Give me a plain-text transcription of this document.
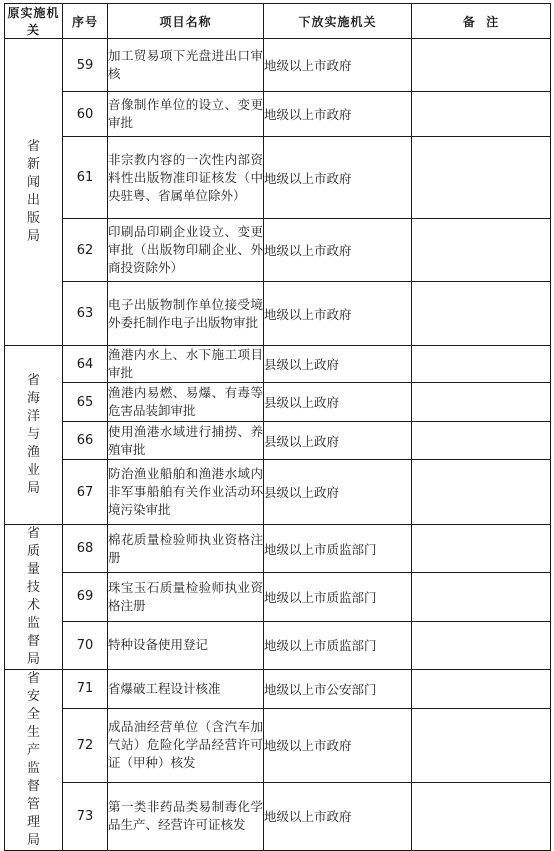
原实施机关	序号	项目名称	下放实施机关	备  注
省新闻出版局	59	加工贸易项下光盘进出口审核	地级以上市政府	
	60	音像制作单位的设立、变更审批	地级以上市政府	
	61	非宗教内容的一次性内部资料性出版物准印证核发（中央驻粤、省属单位除外）	地级以上市政府	
	62	印刷品印刷企业设立、变更审批（出版物印刷企业、外商投资除外）	地级以上市政府	
	63	电子出版物制作单位接受境外委托制作电子出版物审批	地级以上市政府	
省海洋与渔业局	64	渔港内水上、水下施工项目审批	县级以上政府	
	65	渔港内易燃、易爆、有毒等危害品装卸审批	县级以上政府	
	66	使用渔港水域进行捕捞、养殖审批	县级以上政府	
	67	防治渔业船舶和渔港水域内非军事船舶有关作业活动环境污染审批	县级以上政府	
省质量技术监督局	68	棉花质量检验师执业资格注册	地级以上市质监部门	
	69	珠宝玉石质量检验师执业资格注册	地级以上市质监部门	
	70	特种设备使用登记	地级以上市质监部门	
省安全生产监督管理局	71	省爆破工程设计核准	地级以上市公安部门	
	72	成品油经营单位（含汽车加气站）危险化学品经营许可证（甲种）核发	地级以上市政府	
	73	第一类非药品类易制毒化学品生产、经营许可证核发	地级以上市政府	
